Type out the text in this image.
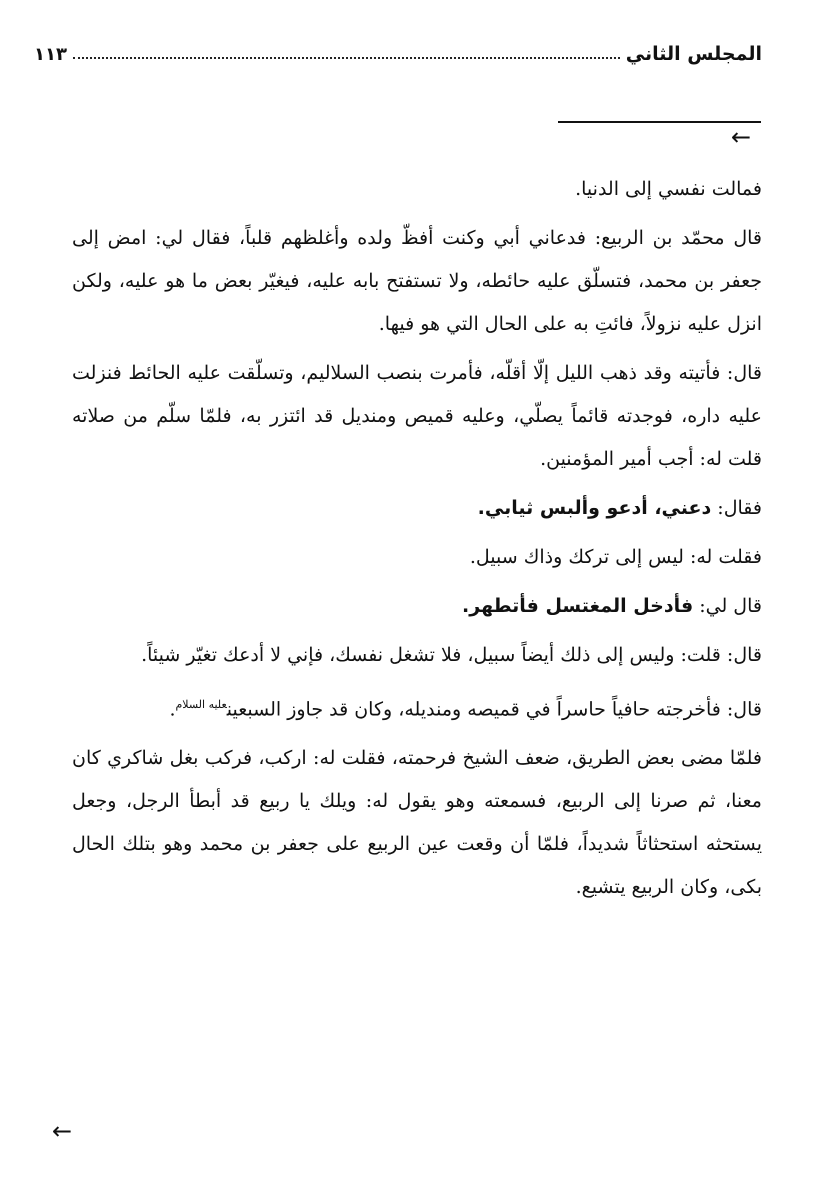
المجلس الثاني
١١٣
←

فمالت نفسي إلى الدنيا.

قال محمّد بن الربيع: فدعاني أبي وكنت أفظّ ولده وأغلظهم قلباً، فقال لي: امض إلى جعفر بن محمد، فتسلّق عليه حائطه، ولا تستفتح بابه عليه، فيغيّر بعض ما هو عليه، ولكن انزل عليه نزولاً، فائتِ به على الحال التي هو فيها.

قال: فأتيته وقد ذهب الليل إلّا أقلّه، فأمرت بنصب السلاليم، وتسلّقت عليه الحائط فنزلت عليه داره، فوجدته قائماً يصلّي، وعليه قميص ومنديل قد ائتزر به، فلمّا سلّم من صلاته قلت له: أجب أمير المؤمنين.

فقال: دعني، أدعو وألبس ثيابي.

فقلت له: ليس إلى تركك وذاك سبيل.

قال لي: فأدخل المغتسل فأتطهر.

قال: قلت: وليس إلى ذلك أيضاً سبيل، فلا تشغل نفسك، فإني لا أدعك تغيّر شيئاً.

قال: فأخرجته حافياً حاسراً في قميصه ومنديله، وكان قد جاوز السبعين$^{عليه السلام}$.

فلمّا مضى بعض الطريق، ضعف الشيخ فرحمته، فقلت له: اركب، فركب بغل شاكري كان معنا، ثم صرنا إلى الربيع، فسمعته وهو يقول له: ويلك يا ربيع قد أبطأ الرجل، وجعل يستحثه استحثاثاً شديداً، فلمّا أن وقعت عين الربيع على جعفر بن محمد وهو بتلك الحال بكى، وكان الربيع يتشيع.

←
